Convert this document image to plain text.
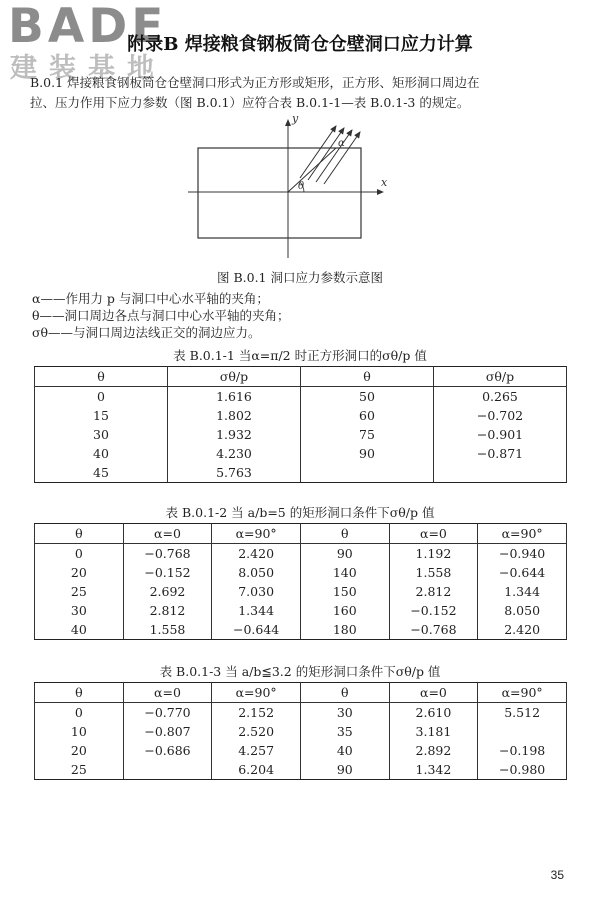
BADE
建装基地
附录B 焊接粮食钢板筒仓仓壁洞口应力计算
B.0.1 焊接粮食钢板筒仓仓壁洞口形式为正方形或矩形，正方形、矩形洞口周边在
拉、压力作用下应力参数（图 B.0.1）应符合表 B.0.1-1—表 B.0.1-3 的规定。
y
x
θ
α
图 B.0.1 洞口应力参数示意图
α——作用力 p 与洞口中心水平轴的夹角；
θ——洞口周边各点与洞口中心水平轴的夹角；
σθ——与洞口周边法线正交的洞边应力。
表 B.0.1-1 当α=π/2 时正方形洞口的σθ/p 值
θ	σθ/p	θ	σθ/p
0	1.616	50	0.265
15	1.802	60	−0.702
30	1.932	75	−0.901
40	4.230	90	−0.871
45	5.763		
表 B.0.1-2 当 a/b=5 的矩形洞口条件下σθ/p 值
θ	α=0	α=90°	θ	α=0	α=90°
0	−0.768	2.420	90	1.192	−0.940
20	−0.152	8.050	140	1.558	−0.644
25	2.692	7.030	150	2.812	1.344
30	2.812	1.344	160	−0.152	8.050
40	1.558	−0.644	180	−0.768	2.420
表 B.0.1-3 当 a/b≦3.2 的矩形洞口条件下σθ/p 值
θ	α=0	α=90°	θ	α=0	α=90°
0	−0.770	2.152	30	2.610	5.512
10	−0.807	2.520	35	3.181	
20	−0.686	4.257	40	2.892	−0.198
25		6.204	90	1.342	−0.980
35
